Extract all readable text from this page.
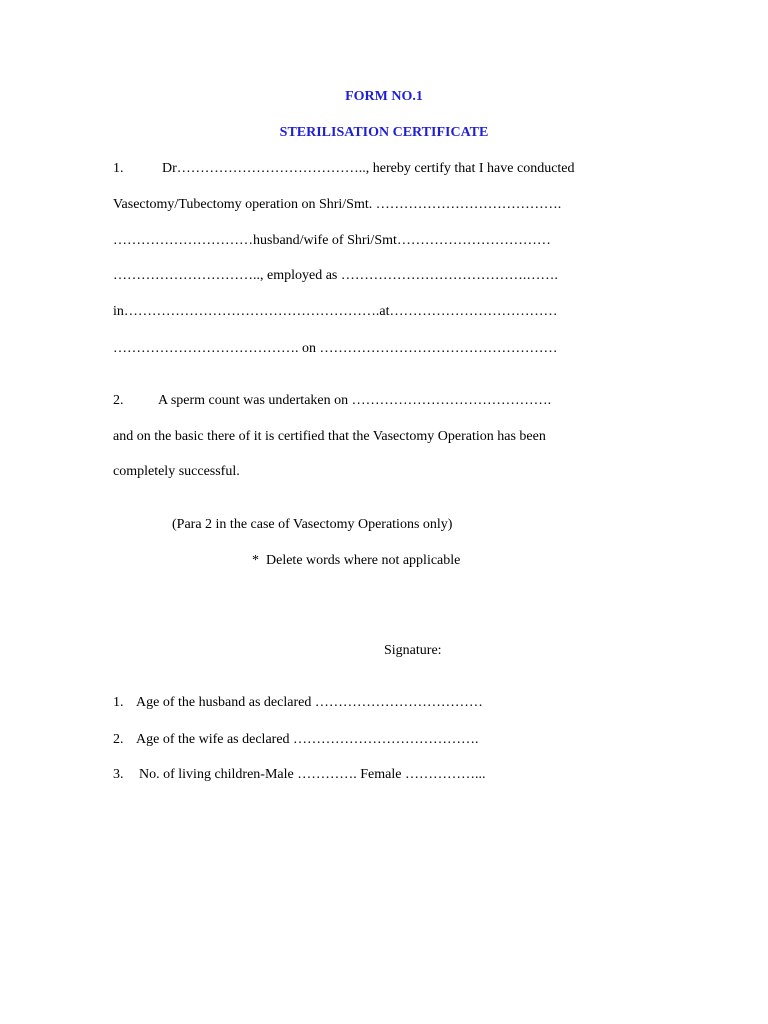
FORM NO.1
STERILISATION CERTIFICATE
1.	Dr………………………………….., hereby certify that I have conducted
Vasectomy/Tubectomy operation on Shri/Smt. ………………………………….
…………………………husband/wife of Shri/Smt……………………………
………………………….., employed as ………………………………….…….
in……………………………………………….at………………………………
…………………………………. on ……………………………………………
2. A sperm count was undertaken on …………………………………….
and on the basic there of it is certified that the Vasectomy Operation has been
completely successful.
(Para 2 in the case of Vasectomy Operations only)
*  Delete words where not applicable
Signature:
1. Age of the husband as declared ………………………………
2. Age of the wife as declared ………………………………….
3. No. of living children-Male …………. Female ……………...
